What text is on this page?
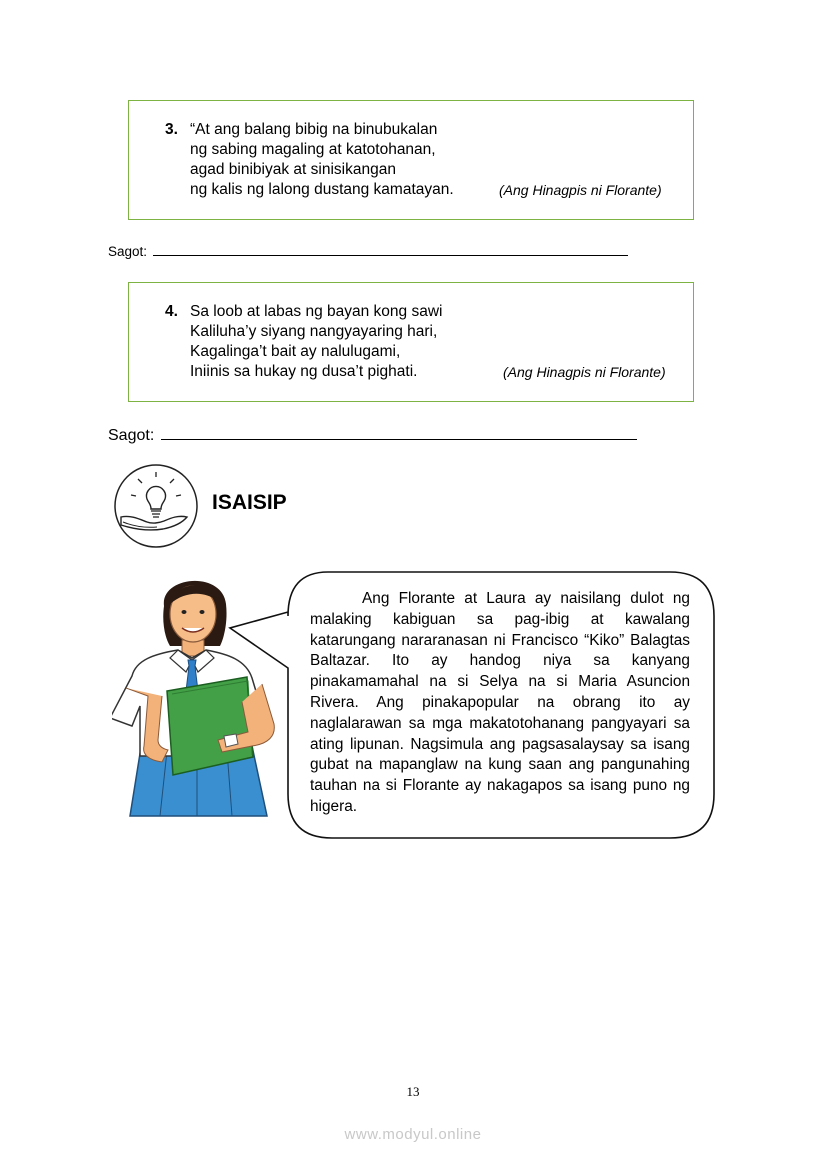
3. “At ang balang bibig na binubukalan
ng sabing magaling at katotohanan,
agad binibiyak at sinisikangan
ng kalis ng lalong dustang kamatayan.	(Ang Hinagpis ni Florante)
Sagot:
4. Sa loob at labas ng bayan kong sawi
Kaliluha’y siyang nangyayaring hari,
Kagalinga’t bait ay nalulugami,
Iniinis sa hukay ng dusa’t pighati.	(Ang Hinagpis ni Florante)
Sagot:
ISAISIP

Ang Florante at Laura ay naisilang dulot ng malaking kabiguan sa pag-ibig at kawalang katarungang nararanasan ni Francisco “Kiko” Balagtas Baltazar. Ito ay handog niya sa kanyang pinakamamahal na si Selya na si Maria Asuncion Rivera. Ang pinakapopular na obrang ito ay naglalarawan sa mga makatotohanang pangyayari sa ating lipunan. Nagsimula ang pagsasalaysay sa isang gubat na mapanglaw na kung saan ang pangunahing tauhan na si Florante ay nakagapos sa isang puno ng higera.

13
www.modyul.online
